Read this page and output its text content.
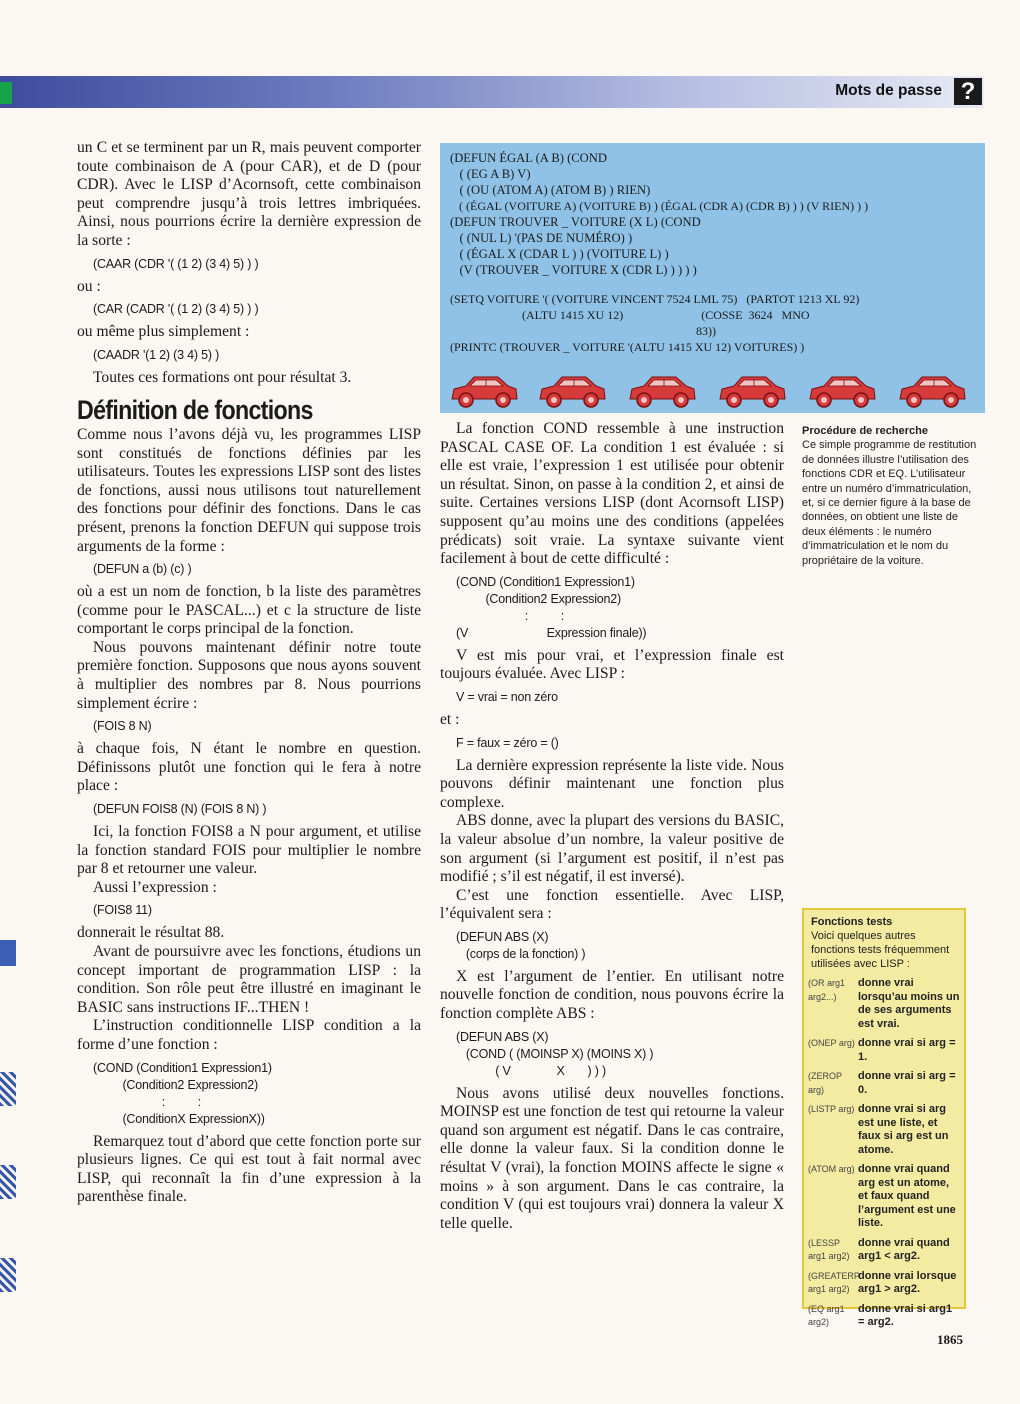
Mots de passe ?

un C et se terminent par un R, mais peuvent comporter toute combinaison de A (pour CAR), et de D (pour CDR). Avec le LISP d’Acornsoft, cette combinaison peut comprendre jusqu’à trois lettres imbriquées. Ainsi, nous pourrions écrire la dernière expression de la sorte :

(CAAR (CDR '( (1 2) (3 4) 5) ) )

ou :

(CAR (CADR '( (1 2) (3 4) 5) ) )

ou même plus simplement :

(CAADR '(1 2) (3 4) 5) )

Toutes ces formations ont pour résultat 3.

Définition de fonctions

Comme nous l’avons déjà vu, les programmes LISP sont constitués de fonctions définies par les utilisateurs. Toutes les expressions LISP sont des listes de fonctions, aussi nous utilisons tout naturellement des fonctions pour définir des fonctions. Dans le cas présent, prenons la fonction DEFUN qui suppose trois arguments de la forme :

(DEFUN a (b) (c) )

où a est un nom de fonction, b la liste des paramètres (comme pour le PASCAL...) et c la structure de liste comportant le corps principal de la fonction.

Nous pouvons maintenant définir notre toute première fonction. Supposons que nous ayons souvent à multiplier des nombres par 8. Nous pourrions simplement écrire :

(FOIS 8 N)

à chaque fois, N étant le nombre en question. Définissons plutôt une fonction qui le fera à notre place :

(DEFUN FOIS8 (N) (FOIS 8 N) )

Ici, la fonction FOIS8 a N pour argument, et utilise la fonction standard FOIS pour multiplier le nombre par 8 et retourner une valeur.

Aussi l’expression :

(FOIS8 11)

donnerait le résultat 88.

Avant de poursuivre avec les fonctions, étudions un concept important de programmation LISP : la condition. Son rôle peut être illustré en imaginant le BASIC sans instructions IF...THEN !

L’instruction conditionnelle LISP condition a la forme d’une fonction :

(COND (Condition1 Expression1)
(Condition2 Expression2)
:          :
(ConditionX ExpressionX))

Remarquez tout d’abord que cette fonction porte sur plusieurs lignes. Ce qui est tout à fait normal avec LISP, qui reconnaît la fin d’une expression à la parenthèse finale.

(DEFUN ÉGAL (A B) (COND
( (EG A B) V)
( (OU (ATOM A) (ATOM B) ) RIEN)
( (ÉGAL (VOITURE A) (VOITURE B) ) (ÉGAL (CDR A) (CDR B) ) ) (V RIEN) ) )
(DEFUN TROUVER _ VOITURE (X L) (COND
( (NUL L) '(PAS DE NUMÉRO) )
( (ÉGAL X (CDAR L ) ) (VOITURE L) )
(V (TROUVER _ VOITURE X (CDR L) ) ) ) )
(SETQ VOITURE '( (VOITURE VINCENT 7524 LML 75)   (PARTOT 1213 XL 92)
(ALTU 1415 XU 12)                          (COSSE  3624   MNO
83))
(PRINTC (TROUVER _ VOITURE '(ALTU 1415 XU 12) VOITURES) )
Procédure de recherche
Ce simple programme de restitution de données illustre l’utilisation des fonctions CDR et EQ. L’utilisateur entre un numéro d’immatriculation, et, si ce dernier figure à la base de données, on obtient une liste de deux éléments : le numéro d’immatriculation et le nom du propriétaire de la voiture.

La fonction COND ressemble à une instruction PASCAL CASE OF. La condition 1 est évaluée : si elle est vraie, l’expression 1 est utilisée pour obtenir un résultat. Sinon, on passe à la condition 2, et ainsi de suite. Certaines versions LISP (dont Acornsoft LISP) supposent qu’au moins une des conditions (appelées prédicats) soit vraie. La syntaxe suivante vient facilement à bout de cette difficulté :

(COND (Condition1 Expression1)
(Condition2 Expression2)
:          :
(V                        Expression finale))

V est mis pour vrai, et l’expression finale est toujours évaluée. Avec LISP :

V = vrai = non zéro

et :

F = faux = zéro = ()

La dernière expression représente la liste vide. Nous pouvons définir maintenant une fonction plus complexe.

ABS donne, avec la plupart des versions du BASIC, la valeur absolue d’un nombre, la valeur positive de son argument (si l’argument est positif, il n’est pas modifié ; s’il est négatif, il est inversé).

C’est une fonction essentielle. Avec LISP, l’équivalent sera :

(DEFUN ABS (X)
(corps de la fonction) )

X est l’argument de l’entier. En utilisant notre nouvelle fonction de condition, nous pouvons écrire la fonction complète ABS :

(DEFUN ABS (X)
(COND ( (MOINSP X) (MOINS X) )
( V              X       ) ) )

Nous avons utilisé deux nouvelles fonctions. MOINSP est une fonction de test qui retourne la valeur quand son argument est négatif. Dans le cas contraire, elle donne la valeur faux. Si la condition donne le résultat V (vrai), la fonction MOINS affecte le signe « moins » à son argument. Dans le cas contraire, la condition V (qui est toujours vrai) donnera la valeur X telle quelle.

Fonctions tests
Voici quelques autres fonctions tests fréquemment utilisées avec LISP :
(OR arg1 arg2...)
donne vrai lorsqu’au moins un de ses arguments est vrai.
(ONEP arg) donne vrai si arg = 1.
(ZEROP arg)
donne vrai si arg = 0.
(LISTP arg) donne vrai si arg est une liste, et faux si arg est un atome.
(ATOM arg) donne vrai quand arg est un atome, et faux quand l’argument est une liste.
(LESSP arg1 arg2)
donne vrai quand arg1 < arg2.
(GREATERP arg1 arg2)
donne vrai lorsque arg1 > arg2.
(EQ arg1 arg2)
donne vrai si arg1 = arg2.
1865
